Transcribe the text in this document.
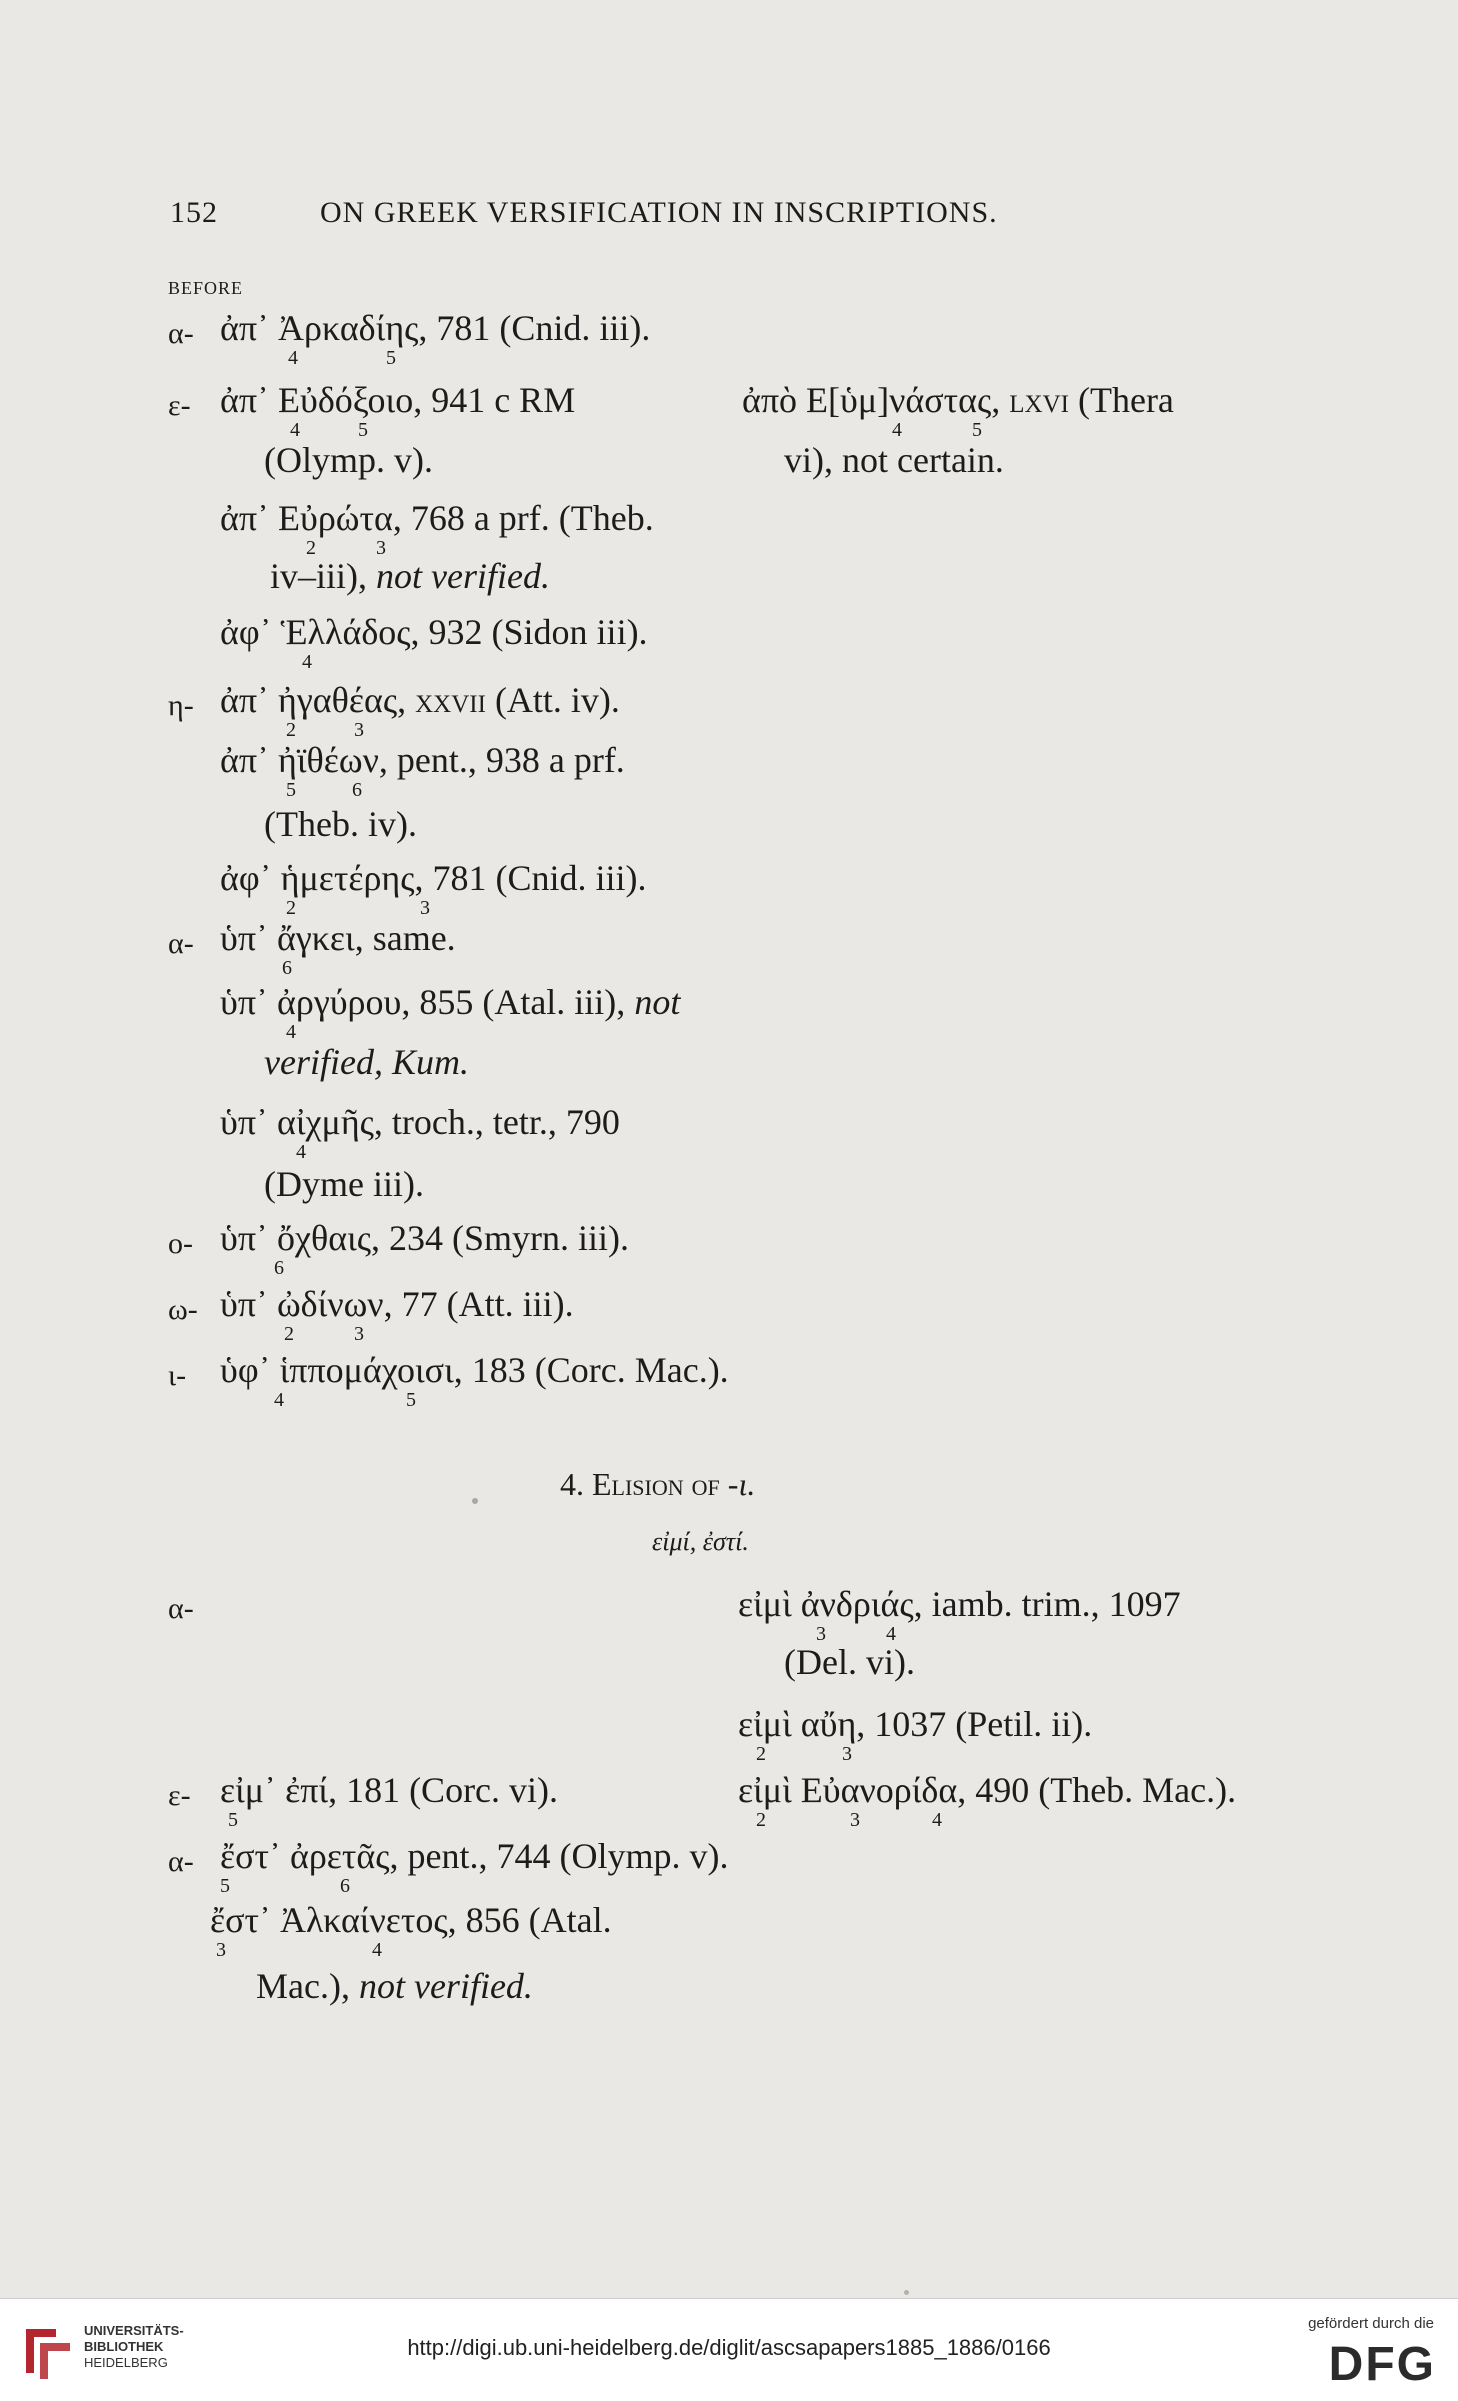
152	ON GREEK VERSIFICATION IN INSCRIPTIONS.
BEFORE
α- ἀπ᾽ Ἀρκαδίης, 781 (Cnid. iii).
4	5
ε- ἀπ᾽ Εὐδόξοιο, 941 c RM
4	5
(Olymp. v).
ἀπὸ Ε[ὑμ]νάστας, lxvi (Thera
4	5
vi), not certain.
ἀπ᾽ Εὐρώτα, 768 a prf. (Theb.
2	3
iv–iii), not verified.
ἀφ᾽ Ἑλλάδος, 932 (Sidon iii).
4
η- ἀπ᾽ ἠγαθέας, xxvii (Att. iv).
2	3
ἀπ᾽ ἠϊθέων, pent., 938 a prf.
5	6
(Theb. iv).
ἀφ᾽ ἡμετέρης, 781 (Cnid. iii).
2	3
α- ὑπ᾽ ἄγκει, same.
6
ὑπ᾽ ἀργύρου, 855 (Atal. iii), not
4
verified, Kum.
ὑπ᾽ αἰχμῆς, troch., tetr., 790
4
(Dyme iii).
ο- ὑπ᾽ ὄχθαις, 234 (Smyrn. iii).
6
ω- ὑπ᾽ ὠδίνων, 77 (Att. iii).
2	3
ι- ὑφ᾽ ἱππομάχοισι, 183 (Corc. Mac.).
4	5
4. Elision of -ι.
εἰμί, ἐστί.
α-	εἰμὶ ἀνδριάς, iamb. trim., 1097
3	4
(Del. vi).
εἰμὶ αὔη, 1037 (Petil. ii).
2	3
ε- εἰμ᾽ ἐπί, 181 (Corc. vi).
5
εἰμὶ Εὐανορίδα, 490 (Theb. Mac.).
2	3	4
α- ἔστ᾽ ἀρετᾶς, pent., 744 (Olymp. v).
5	6
ἔστ᾽ Ἀλκαίνετος, 856 (Atal.
3	4
Mac.), not verified.
UNIVERSITÄTS-
BIBLIOTHEK
HEIDELBERG
http://digi.ub.uni-heidelberg.de/diglit/ascsapapers1885_1886/0166
gefördert durch die
DFG
